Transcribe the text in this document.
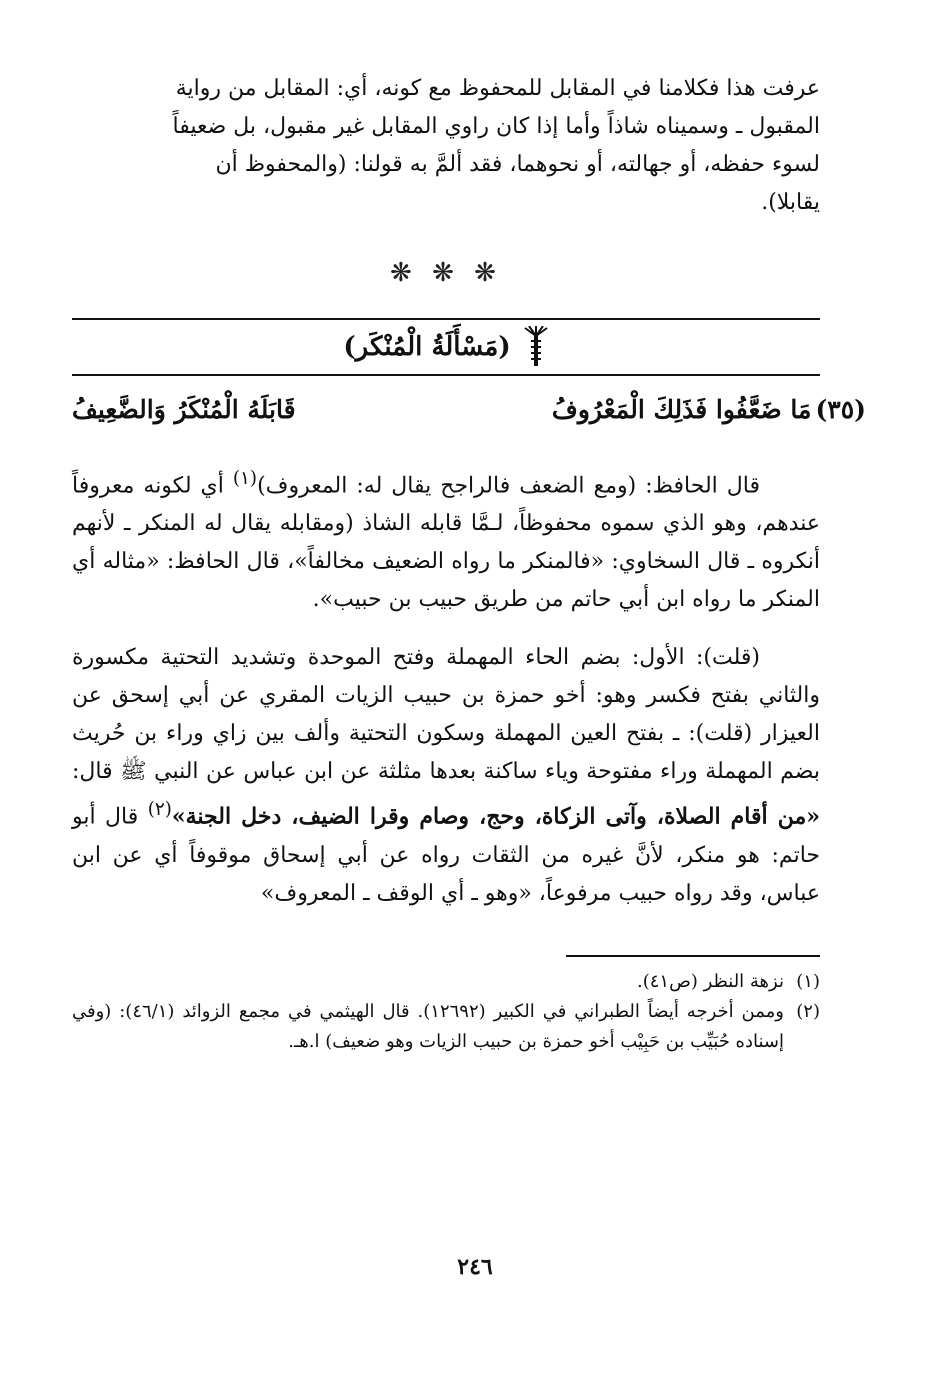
عرفت هذا فكلامنا في المقابل للمحفوظ مع كونه، أي: المقابل من رواية

المقبول ـ وسميناه شاذاً وأما إذا كان راوي المقابل غير مقبول، بل ضعيفاً

لسوء حفظه، أو جهالته، أو نحوهما، فقد ألمَّ به قولنا: (والمحفوظ أن

يقابلا).

❋ ❋ ❋
(مَسْأَلَةُ الْمُنْكَر)
(٣٥)مَا ضَعَّفُوا فَذَلِكَ الْمَعْرُوفُ
قَابَلَهُ الْمُنْكَرُ وَالضَّعِيفُ

قال الحافظ: (ومع الضعف فالراجح يقال له: المعروف)$^{(١)}$ أي لكونه معروفاً عندهم، وهو الذي سموه محفوظاً، لـمَّا قابله الشاذ (ومقابله يقال له المنكر ـ لأنهم أنكروه ـ قال السخاوي: «فالمنكر ما رواه الضعيف مخالفاً»، قال الحافظ: «مثاله أي المنكر ما رواه ابن أبي حاتم من طريق حبيب بن حبيب».

(قلت): الأول: بضم الحاء المهملة وفتح الموحدة وتشديد التحتية مكسورة والثاني بفتح فكسر وهو: أخو حمزة بن حبيب الزيات المقري عن أبي إسحق عن العيزار (قلت): ـ بفتح العين المهملة وسكون التحتية وألف بين زاي وراء بن حُريث بضم المهملة وراء مفتوحة وياء ساكنة بعدها مثلثة عن ابن عباس عن النبي ﷺ قال: «من أقام الصلاة، وآتى الزكاة، وحج، وصام وقرا الضيف، دخل الجنة»$^{(٢)}$ قال أبو حاتم: هو منكر، لأنَّ غيره من الثقات رواه عن أبي إسحاق موقوفاً أي عن ابن عباس، وقد رواه حبيب مرفوعاً، «وهو ـ أي الوقف ـ المعروف»

(١)
نزهة النظر (ص٤١).

(٢)
وممن أخرجه أيضاً الطبراني في الكبير (١٢٦٩٢). قال الهيثمي في مجمع الزوائد (٤٦/١): (وفي إسناده حُبَيِّب بن حَبِيْب أخو حمزة بن حبيب الزيات وهو ضعيف) ا.هـ.

٢٤٦
